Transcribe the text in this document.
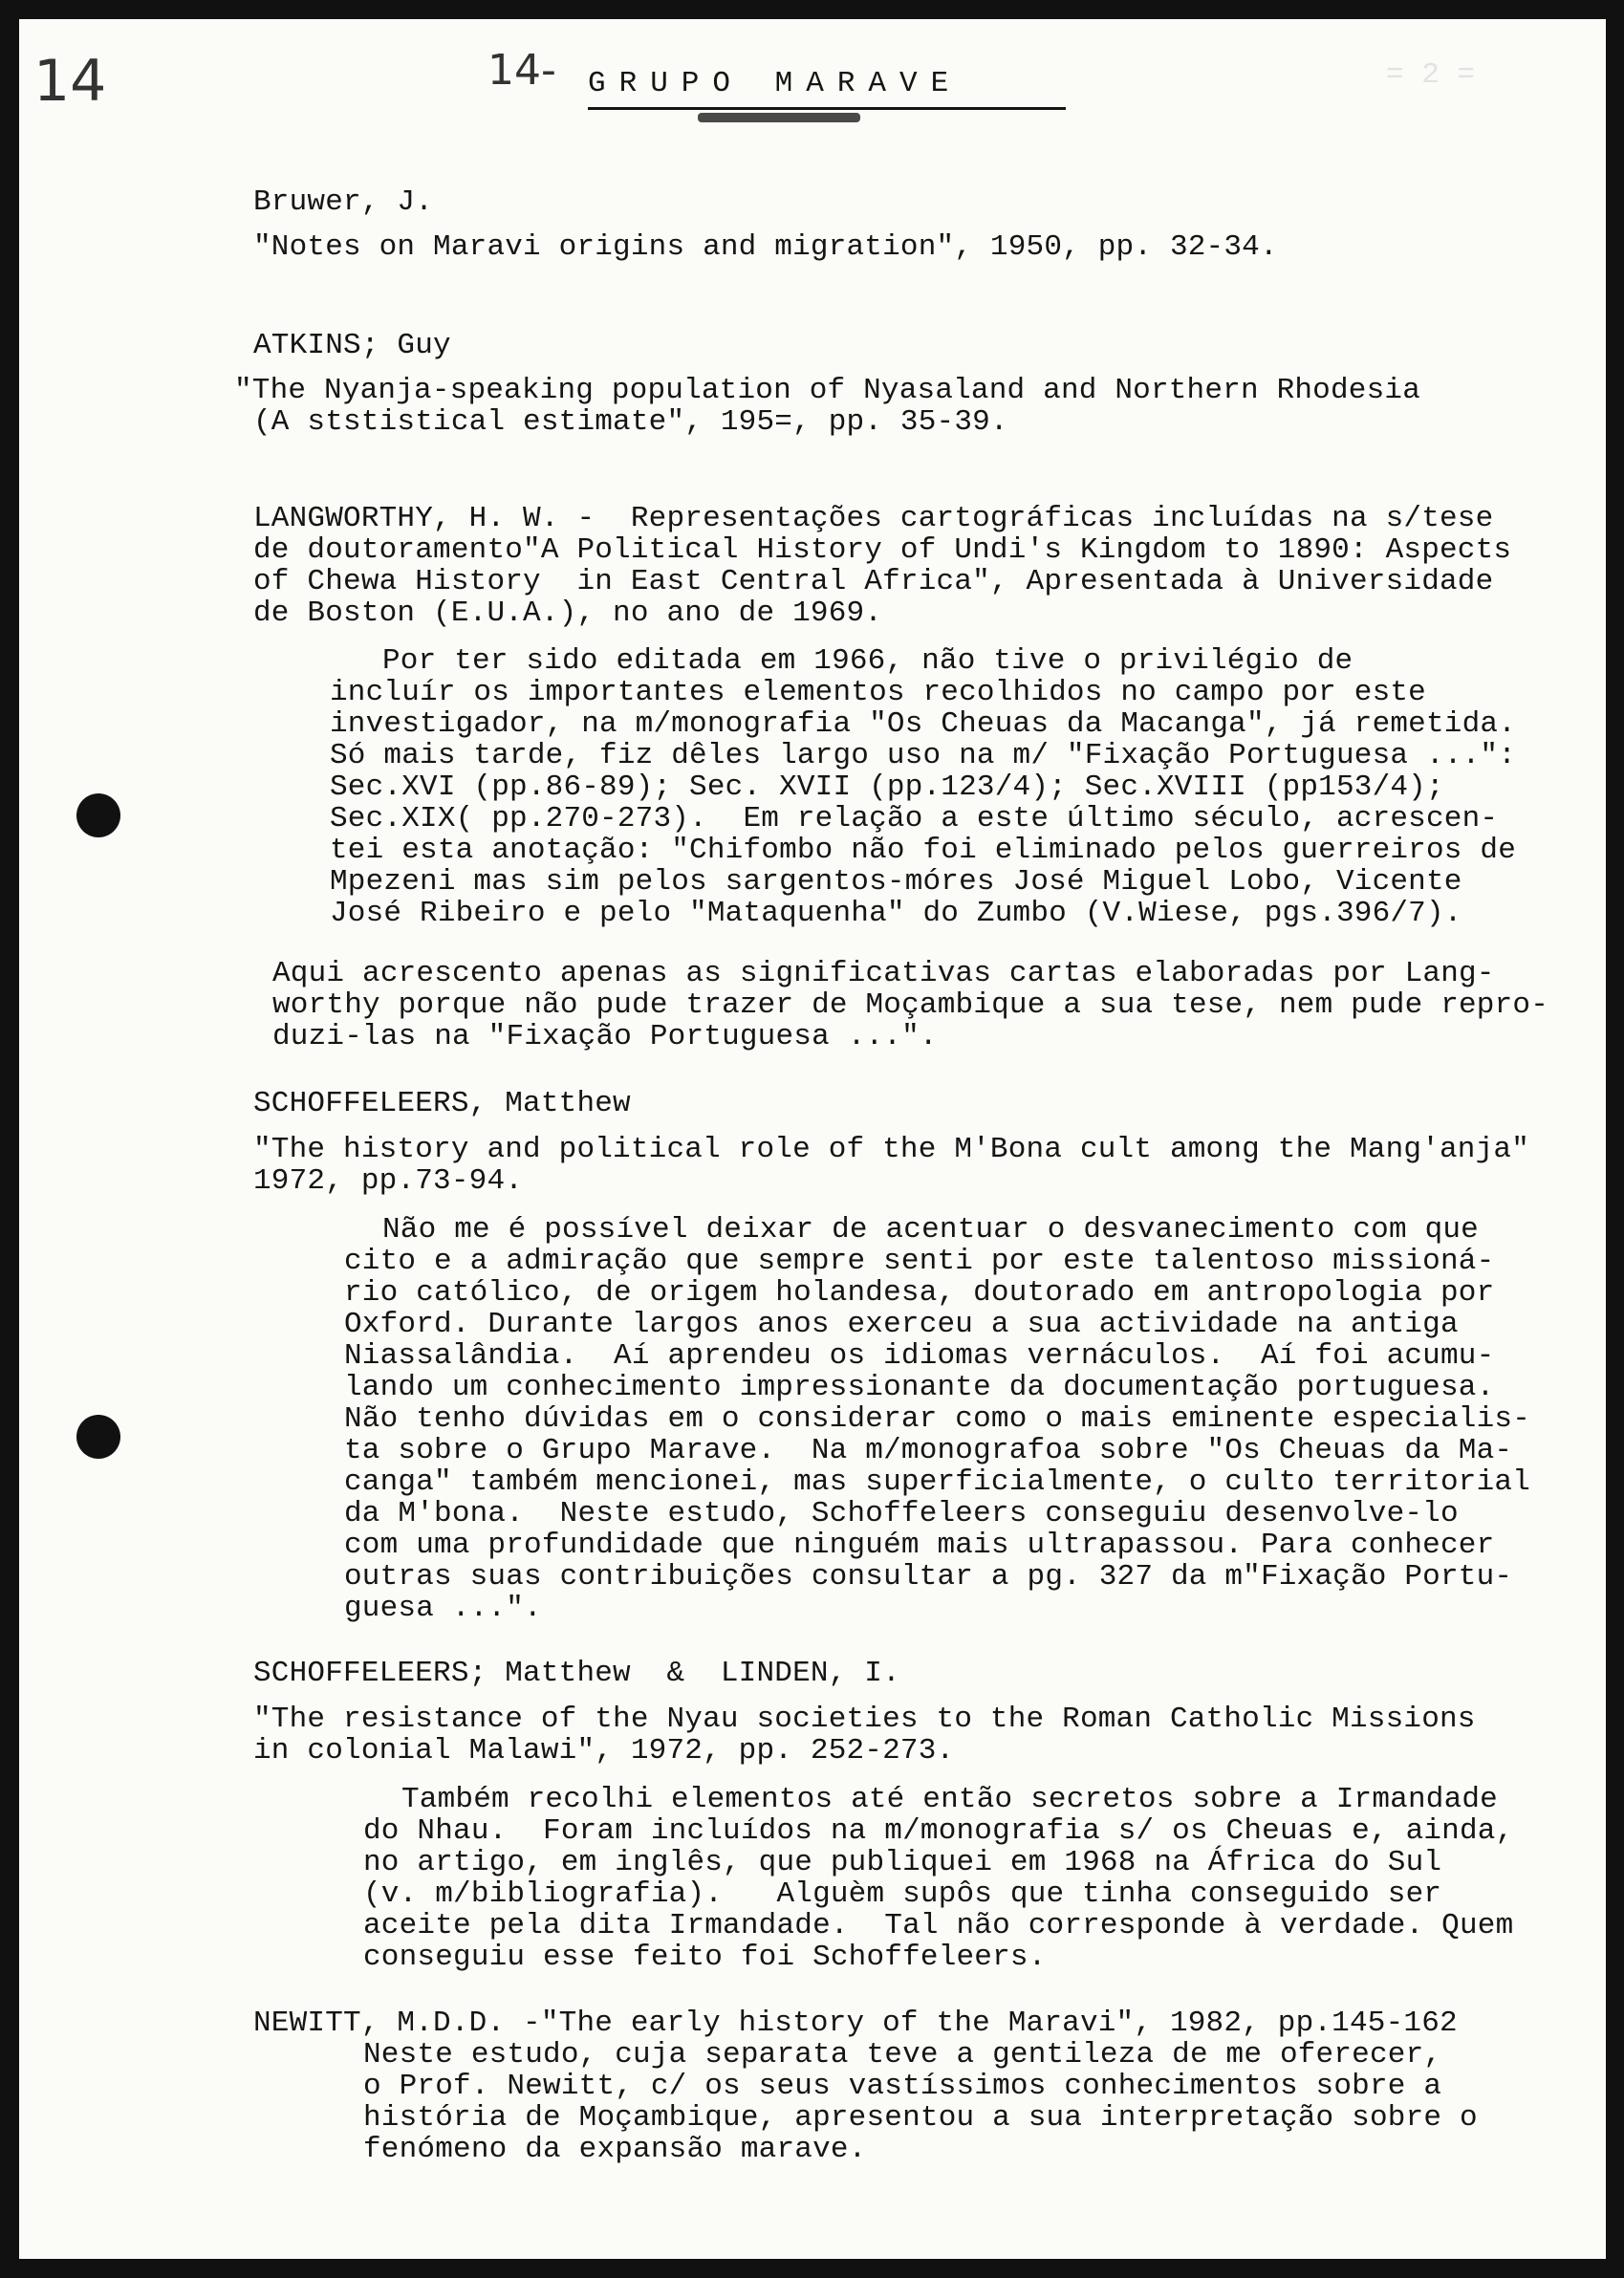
= 2 =
14	14- GRUPO MARAVE
Bruwer, J.
"Notes on Maravi origins and migration", 1950, pp. 32-34.
ATKINS; Guy
"The Nyanja-speaking population of Nyasaland and Northern Rhodesia
(A ststistical estimate", 195=, pp. 35-39.
LANGWORTHY, H. W. -  Representações cartográficas incluídas na s/tese
de doutoramento"A Political History of Undi's Kingdom to 1890: Aspects
of Chewa History  in East Central Africa", Apresentada à Universidade
de Boston (E.U.A.), no ano de 1969.
Por ter sido editada em 1966, não tive o privilégio de
incluír os importantes elementos recolhidos no campo por este
investigador, na m/monografia "Os Cheuas da Macanga", já remetida.
Só mais tarde, fiz dêles largo uso na m/ "Fixação Portuguesa ...":
Sec.XVI (pp.86-89); Sec. XVII (pp.123/4); Sec.XVIII (pp153/4);
Sec.XIX( pp.270-273).  Em relação a este último século, acrescen-
tei esta anotação: "Chifombo não foi eliminado pelos guerreiros de
Mpezeni mas sim pelos sargentos-móres José Miguel Lobo, Vicente
José Ribeiro e pelo "Mataquenha" do Zumbo (V.Wiese, pgs.396/7).
Aqui acrescento apenas as significativas cartas elaboradas por Lang-
worthy porque não pude trazer de Moçambique a sua tese, nem pude repro-
duzi-las na "Fixação Portuguesa ...".
SCHOFFELEERS, Matthew
"The history and political role of the M'Bona cult among the Mang'anja"
1972, pp.73-94.
Não me é possível deixar de acentuar o desvanecimento com que
cito e a admiração que sempre senti por este talentoso missioná-
rio católico, de origem holandesa, doutorado em antropologia por
Oxford. Durante largos anos exerceu a sua actividade na antiga
Niassalândia.  Aí aprendeu os idiomas vernáculos.  Aí foi acumu-
lando um conhecimento impressionante da documentação portuguesa.
Não tenho dúvidas em o considerar como o mais eminente especialis-
ta sobre o Grupo Marave.  Na m/monografoa sobre "Os Cheuas da Ma-
canga" também mencionei, mas superficialmente, o culto territorial
da M'bona.  Neste estudo, Schoffeleers conseguiu desenvolve-lo
com uma profundidade que ninguém mais ultrapassou. Para conhecer
outras suas contribuições consultar a pg. 327 da m"Fixação Portu-
guesa ...".
SCHOFFELEERS; Matthew  &  LINDEN, I.
"The resistance of the Nyau societies to the Roman Catholic Missions
in colonial Malawi", 1972, pp. 252-273.
Também recolhi elementos até então secretos sobre a Irmandade
do Nhau.  Foram incluídos na m/monografia s/ os Cheuas e, ainda,
no artigo, em inglês, que publiquei em 1968 na África do Sul
(v. m/bibliografia).   Alguèm supôs que tinha conseguido ser
aceite pela dita Irmandade.  Tal não corresponde à verdade. Quem
conseguiu esse feito foi Schoffeleers.
NEWITT, M.D.D. -"The early history of the Maravi", 1982, pp.145-162
Neste estudo, cuja separata teve a gentileza de me oferecer,
o Prof. Newitt, c/ os seus vastíssimos conhecimentos sobre a
história de Moçambique, apresentou a sua interpretação sobre o
fenómeno da expansão marave.
